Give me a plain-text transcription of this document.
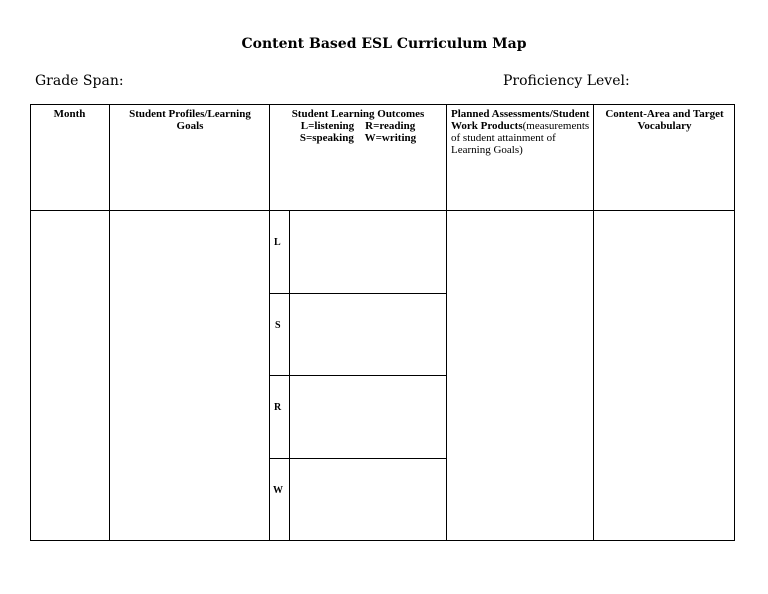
Content Based ESL Curriculum Map
Grade Span:	Proficiency Level:
Month	Student Profiles/Learning Goals
Student Learning Outcomes
L=listening    R=reading
S=speaking    W=writing
Planned Assessments/Student Work Products(measurements of student attainment of Learning Goals)
Content-Area and Target Vocabulary
L
S
R
W
